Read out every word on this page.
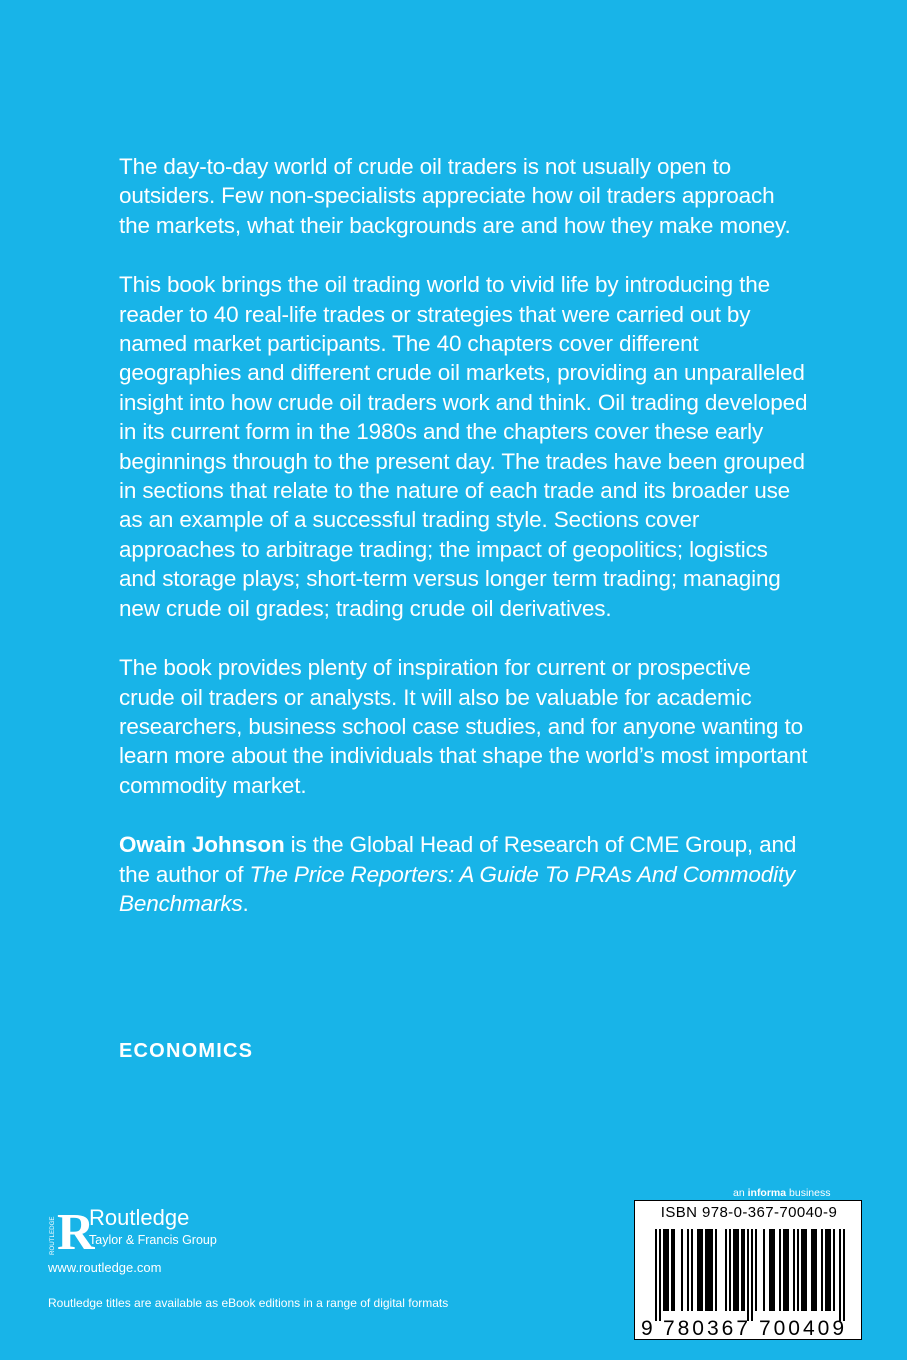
The day-to-day world of crude oil traders is not usually open to outsiders. Few non-specialists appreciate how oil traders approach the markets, what their backgrounds are and how they make money.

This book brings the oil trading world to vivid life by introducing the reader to 40 real-life trades or strategies that were carried out by named market participants. The 40 chapters cover different geographies and different crude oil markets, providing an unparalleled insight into how crude oil traders work and think. Oil trading developed in its current form in the 1980s and the chapters cover these early beginnings through to the present day. The trades have been grouped in sections that relate to the nature of each trade and its broader use as an example of a successful trading style. Sections cover approaches to arbitrage trading; the impact of geopolitics; logistics and storage plays; short-term versus longer term trading; managing new crude oil grades; trading crude oil derivatives.

The book provides plenty of inspiration for current or prospective crude oil traders or analysts. It will also be valuable for academic researchers, business school case studies, and for anyone wanting to learn more about the individuals that shape the world’s most important commodity market.

Owain Johnson is the Global Head of Research of CME Group, and the author of The Price Reporters: A Guide To PRAs And Commodity Benchmarks.

ECONOMICS
ROUTLEDGE R
Routledge
Taylor & Francis Group
www.routledge.com
Routledge titles are available as eBook editions in a range of digital formats
an informa business
ISBN 978-0-367-70040-9
9 780367 700409
